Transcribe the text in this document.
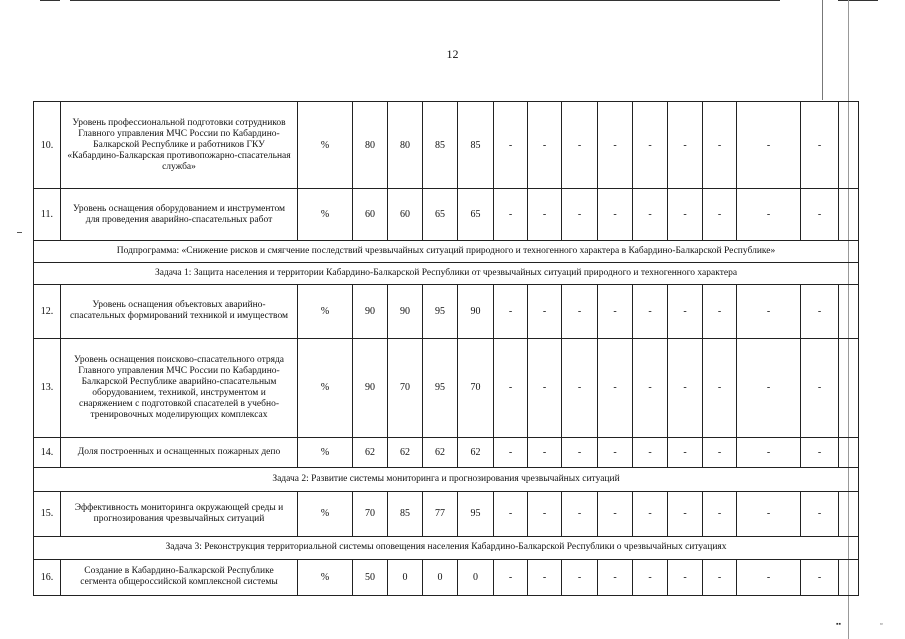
▪▪	▫
12
10.	Уровень профессиональной подготовки сотрудников Главного управления МЧС России по Кабардино-Балкарской Республике и работников ГКУ «Кабардино-Балкарская противопожарно-спасательная служба»	%	80	80	85	85	-	-	-	-	-	-	-	-	-	
11.	Уровень оснащения оборудованием и инструментом для проведения аварийно-спасательных работ	%	60	60	65	65	-	-	-	-	-	-	-	-	-	
Подпрограмма: «Снижение рисков и смягчение последствий чрезвычайных ситуаций природного и техногенного характера в Кабардино-Балкарской Республике»																
Задача 1: Защита населения и территории Кабардино-Балкарской Республики от чрезвычайных ситуаций природного и техногенного характера																
12.	Уровень оснащения объектовых аварийно-спасательных формирований техникой и имуществом	%	90	90	95	90	-	-	-	-	-	-	-	-	-	
13.	Уровень оснащения поисково-спасательного отряда Главного управления МЧС России по Кабардино-Балкарской Республике аварийно-спасательным оборудованием, техникой, инструментом и снаряжением с подготовкой спасателей в учебно-тренировочных моделирующих комплексах	%	90	70	95	70	-	-	-	-	-	-	-	-	-	
14.	Доля построенных и оснащенных пожарных депо	%	62	62	62	62	-	-	-	-	-	-	-	-	-	
Задача 2: Развитие системы мониторинга и прогнозирования чрезвычайных ситуаций																
15.	Эффективность мониторинга окружающей среды и прогнозирования чрезвычайных ситуаций	%	70	85	77	95	-	-	-	-	-	-	-	-	-	
Задача 3: Реконструкция территориальной системы оповещения населения Кабардино-Балкарской Республики о чрезвычайных ситуациях																
16.	Создание в Кабардино-Балкарской Республике сегмента общероссийской комплексной системы	%	50	0	0	0	-	-	-	-	-	-	-	-	-	
